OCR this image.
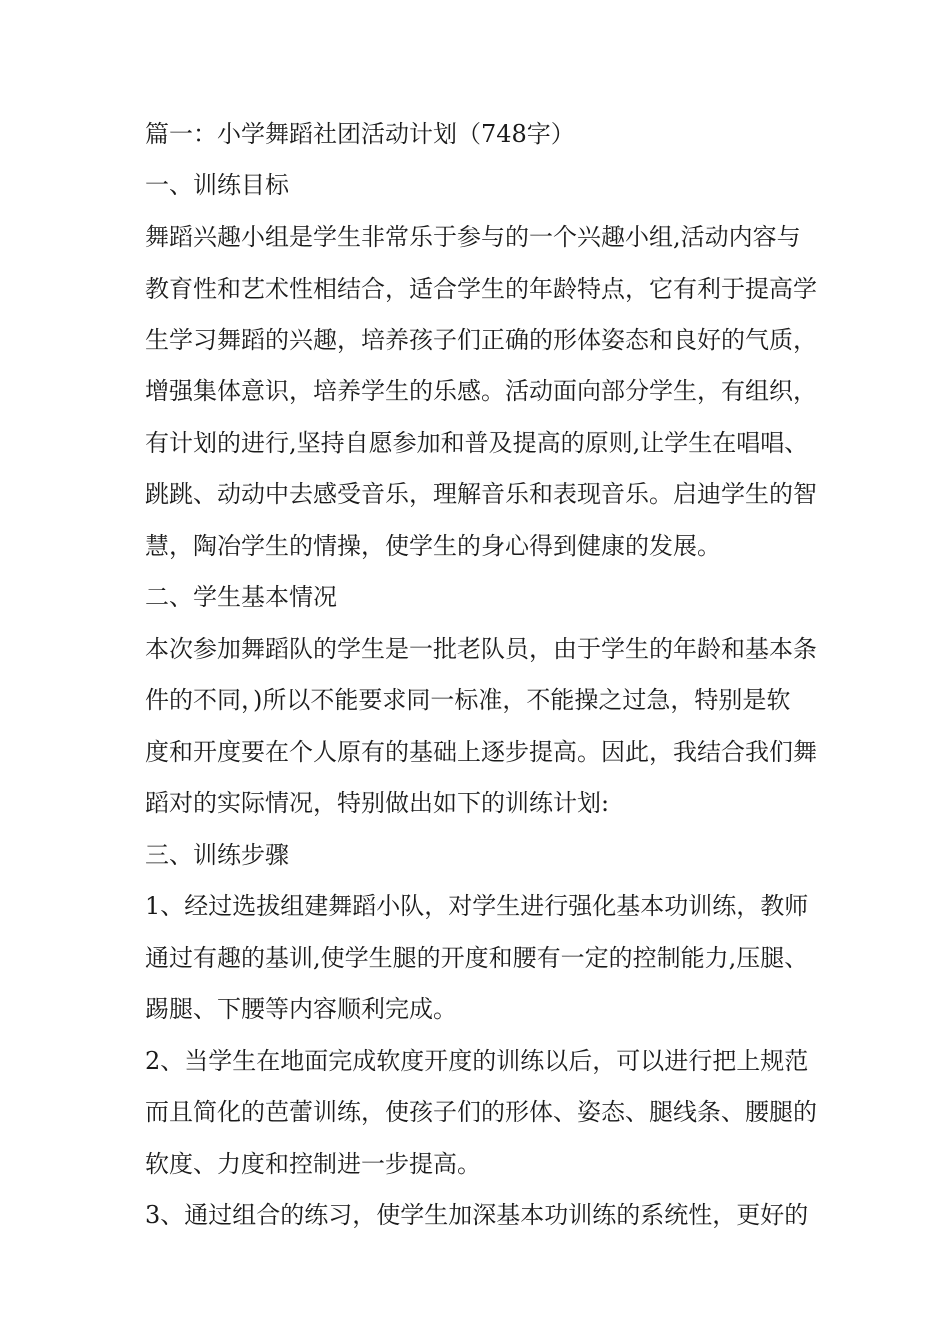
篇一：小学舞蹈社团活动计划（748字）
一、训练目标
舞蹈兴趣小组是学生非常乐于参与的一个兴趣小组,活动内容与
教育性和艺术性相结合，适合学生的年龄特点，它有利于提高学
生学习舞蹈的兴趣，培养孩子们正确的形体姿态和良好的气质，
增强集体意识，培养学生的乐感。活动面向部分学生，有组织，
有计划的进行,坚持自愿参加和普及提高的原则,让学生在唱唱、
跳跳、动动中去感受音乐，理解音乐和表现音乐。启迪学生的智
慧，陶冶学生的情操，使学生的身心得到健康的发展。
二、学生基本情况
本次参加舞蹈队的学生是一批老队员，由于学生的年龄和基本条
件的不同，)所以不能要求同一标准，不能操之过急，特别是软
度和开度要在个人原有的基础上逐步提高。因此，我结合我们舞
蹈对的实际情况，特别做出如下的训练计划:
三、训练步骤
1、经过选拔组建舞蹈小队，对学生进行强化基本功训练，教师
通过有趣的基训,使学生腿的开度和腰有一定的控制能力,压腿、
踢腿、下腰等内容顺利完成。
2、当学生在地面完成软度开度的训练以后，可以进行把上规范
而且简化的芭蕾训练，使孩子们的形体、姿态、腿线条、腰腿的
软度、力度和控制进一步提高。
3、通过组合的练习，使学生加深基本功训练的系统性，更好的
